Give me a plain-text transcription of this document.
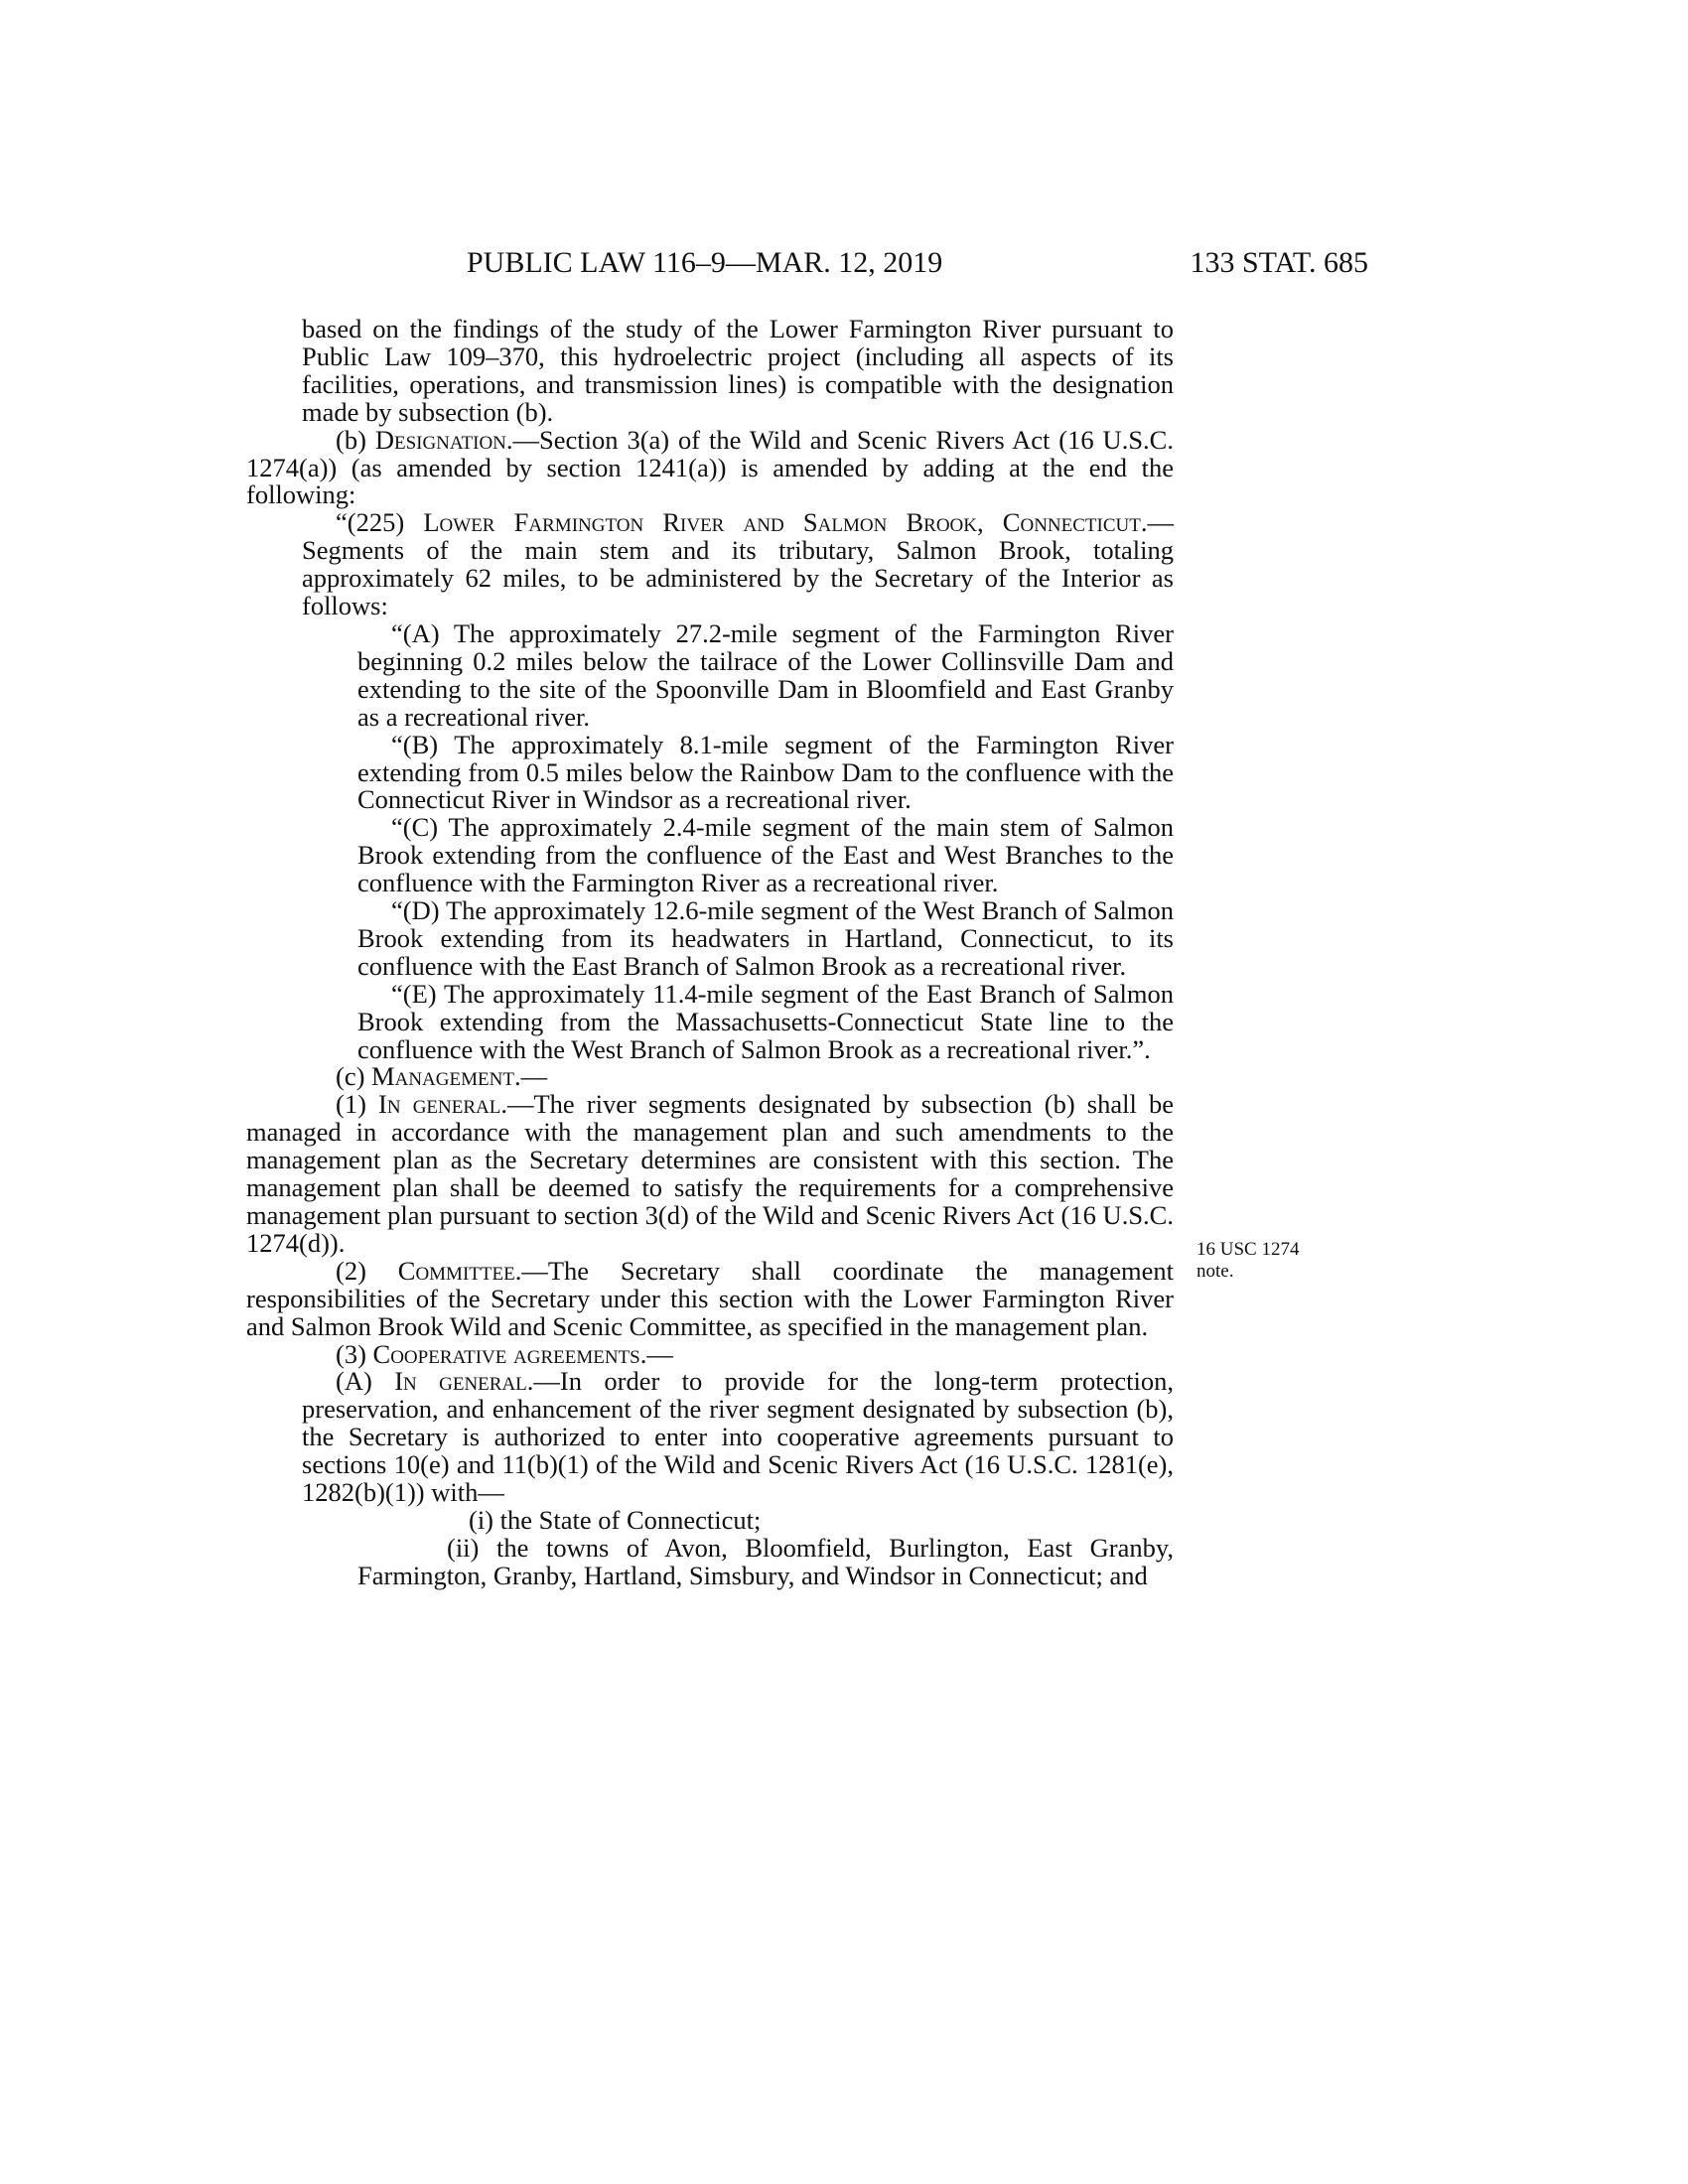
PUBLIC LAW 116–9—MAR. 12, 2019	133 STAT. 685

based on the findings of the study of the Lower Farmington River pursuant to Public Law 109–370, this hydroelectric project (including all aspects of its facilities, operations, and transmission lines) is compatible with the designation made by subsection (b).

(b) Designation.—Section 3(a) of the Wild and Scenic Rivers Act (16 U.S.C. 1274(a)) (as amended by section 1241(a)) is amended by adding at the end the following:

“(225) Lower Farmington River and Salmon Brook, Connecticut.—Segments of the main stem and its tributary, Salmon Brook, totaling approximately 62 miles, to be administered by the Secretary of the Interior as follows:

“(A) The approximately 27.2-mile segment of the Farmington River beginning 0.2 miles below the tailrace of the Lower Collinsville Dam and extending to the site of the Spoonville Dam in Bloomfield and East Granby as a recreational river.

“(B) The approximately 8.1-mile segment of the Farmington River extending from 0.5 miles below the Rainbow Dam to the confluence with the Connecticut River in Windsor as a recreational river.

“(C) The approximately 2.4-mile segment of the main stem of Salmon Brook extending from the confluence of the East and West Branches to the confluence with the Farmington River as a recreational river.

“(D) The approximately 12.6-mile segment of the West Branch of Salmon Brook extending from its headwaters in Hartland, Connecticut, to its confluence with the East Branch of Salmon Brook as a recreational river.

“(E) The approximately 11.4-mile segment of the East Branch of Salmon Brook extending from the Massachusetts-Connecticut State line to the confluence with the West Branch of Salmon Brook as a recreational river.”.

(c) Management.—

(1) In general.—The river segments designated by subsection (b) shall be managed in accordance with the management plan and such amendments to the management plan as the Secretary determines are consistent with this section. The management plan shall be deemed to satisfy the requirements for a comprehensive management plan pursuant to section 3(d) of the Wild and Scenic Rivers Act (16 U.S.C. 1274(d)).

(2) Committee.—The Secretary shall coordinate the management responsibilities of the Secretary under this section with the Lower Farmington River and Salmon Brook Wild and Scenic Committee, as specified in the management plan.

(3) Cooperative agreements.—

(A) In general.—In order to provide for the long-term protection, preservation, and enhancement of the river segment designated by subsection (b), the Secretary is authorized to enter into cooperative agreements pursuant to sections 10(e) and 11(b)(1) of the Wild and Scenic Rivers Act (16 U.S.C. 1281(e), 1282(b)(1)) with—

(i) the State of Connecticut;

(ii) the towns of Avon, Bloomfield, Burlington, East Granby, Farmington, Granby, Hartland, Simsbury, and Windsor in Connecticut; and

16 USC 1274
note.
